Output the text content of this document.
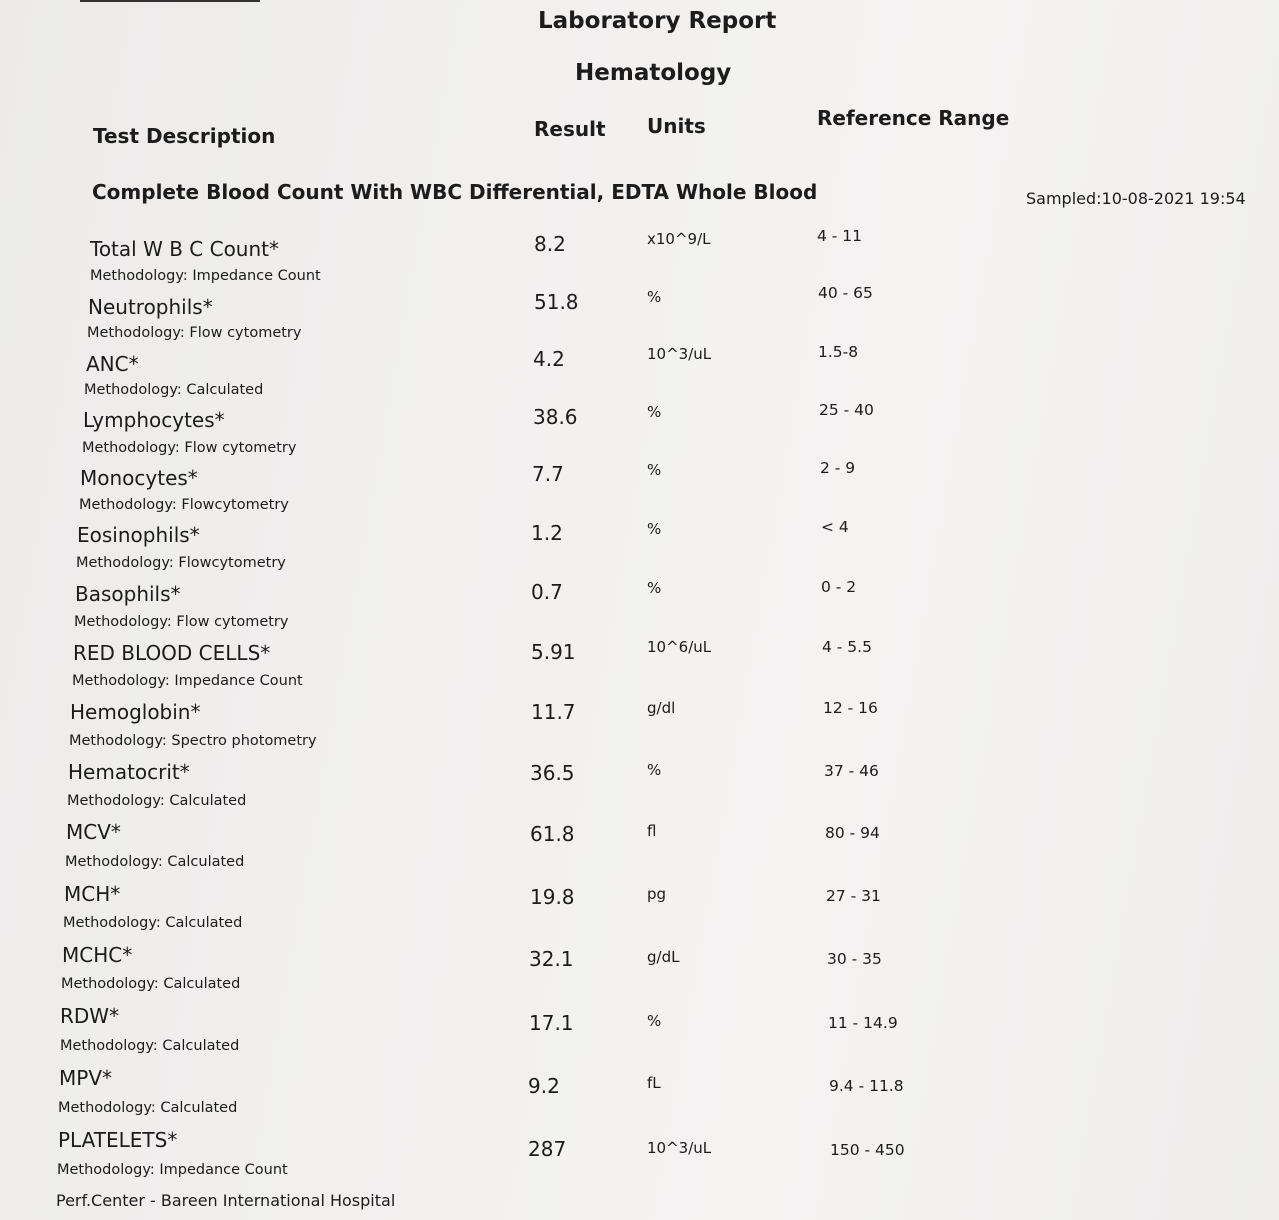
Laboratory Report
Hematology
Test Description	Result Units	Reference Range
Complete Blood Count With WBC Differential, EDTA Whole Blood	Sampled:10-08-2021 19:54
Total W B C Count*
Methodology: Impedance Count
8.2	x10^9/L	4 - 11
Neutrophils*
Methodology: Flow cytometry
51.8	%	40 - 65
ANC*
Methodology: Calculated
4.2	10^3/uL	1.5-8
Lymphocytes*
Methodology: Flow cytometry
38.6	%	25 - 40
Monocytes*
Methodology: Flowcytometry
7.7	%	2 - 9
Eosinophils*
Methodology: Flowcytometry
1.2	%	< 4
Basophils*
Methodology: Flow cytometry
0.7	%	0 - 2
RED BLOOD CELLS*
Methodology: Impedance Count
5.91	10^6/uL	4 - 5.5
Hemoglobin*
Methodology: Spectro photometry
11.7	g/dl	12 - 16
Hematocrit*
Methodology: Calculated
36.5	%	37 - 46
MCV*
Methodology: Calculated
61.8	fl	80 - 94
MCH*
Methodology: Calculated
19.8	pg	27 - 31
MCHC*
Methodology: Calculated
32.1	g/dL	30 - 35
RDW*
Methodology: Calculated
17.1	%	11 - 14.9
MPV*
Methodology: Calculated
9.2	fL	9.4 - 11.8
PLATELETS*
Methodology: Impedance Count
287	10^3/uL	150 - 450
Perf.Center - Bareen International Hospital
